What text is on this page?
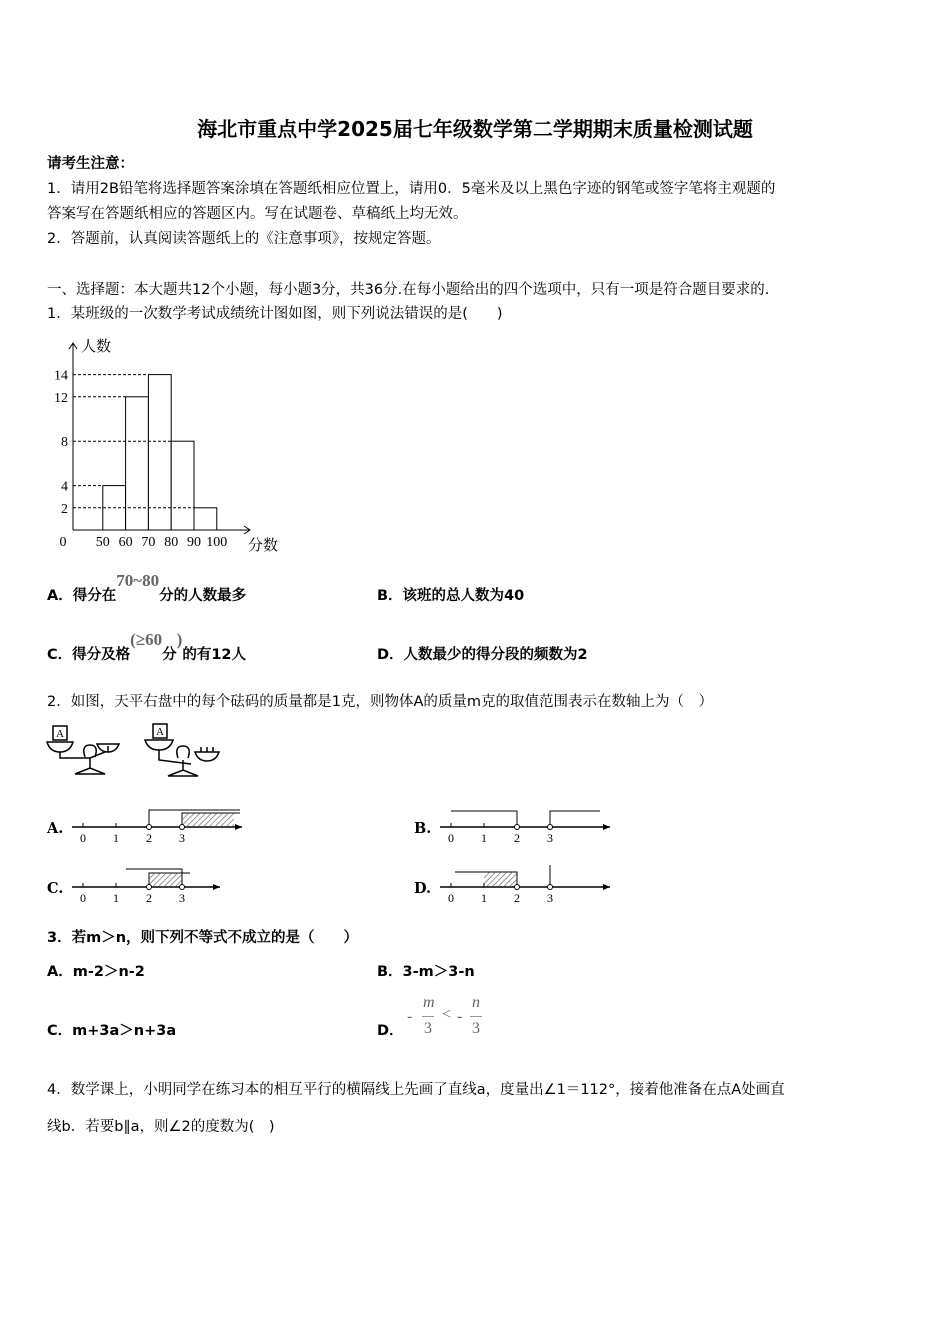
海北市重点中学2025届七年级数学第二学期期末质量检测试题
请考生注意：
1．请用2B铅笔将选择题答案涂填在答题纸相应位置上，请用0．5毫米及以上黑色字迹的钢笔或签字笔将主观题的
答案写在答题纸相应的答题区内。写在试题卷、草稿纸上均无效。
2．答题前，认真阅读答题纸上的《注意事项》，按规定答题。
一、选择题：本大题共12个小题，每小题3分，共36分.在每小题给出的四个选项中，只有一项是符合题目要求的.
1．某班级的一次数学考试成绩统计图如图，则下列说法错误的是(　　)
2
4
8
12
14
0 50 60 70 80 90 100
人数
分数
A．得分在70~80分的人数最多	B．该班的总人数为40
C．得分及格(≥60分)的有12人	D．人数最少的得分段的频数为2
2．如图，天平右盘中的每个砝码的质量都是1克，则物体A的质量m克的取值范围表示在数轴上为（　）
A	A
A.
0 1 2 3
B.
0 1 2 3
C.
0 1 2 3
D.
0 1 2 3
3．若m＞n，则下列不等式不成立的是（　　）
A．m-2＞n-2	B．3-m＞3-n
C．m+3a＞n+3a	D．
-
m
3
< -
n
3
4．数学课上，小明同学在练习本的相互平行的横隔线上先画了直线a，度量出∠1＝112°，接着他准备在点A处画直
线b．若要b∥a，则∠2的度数为(　)
